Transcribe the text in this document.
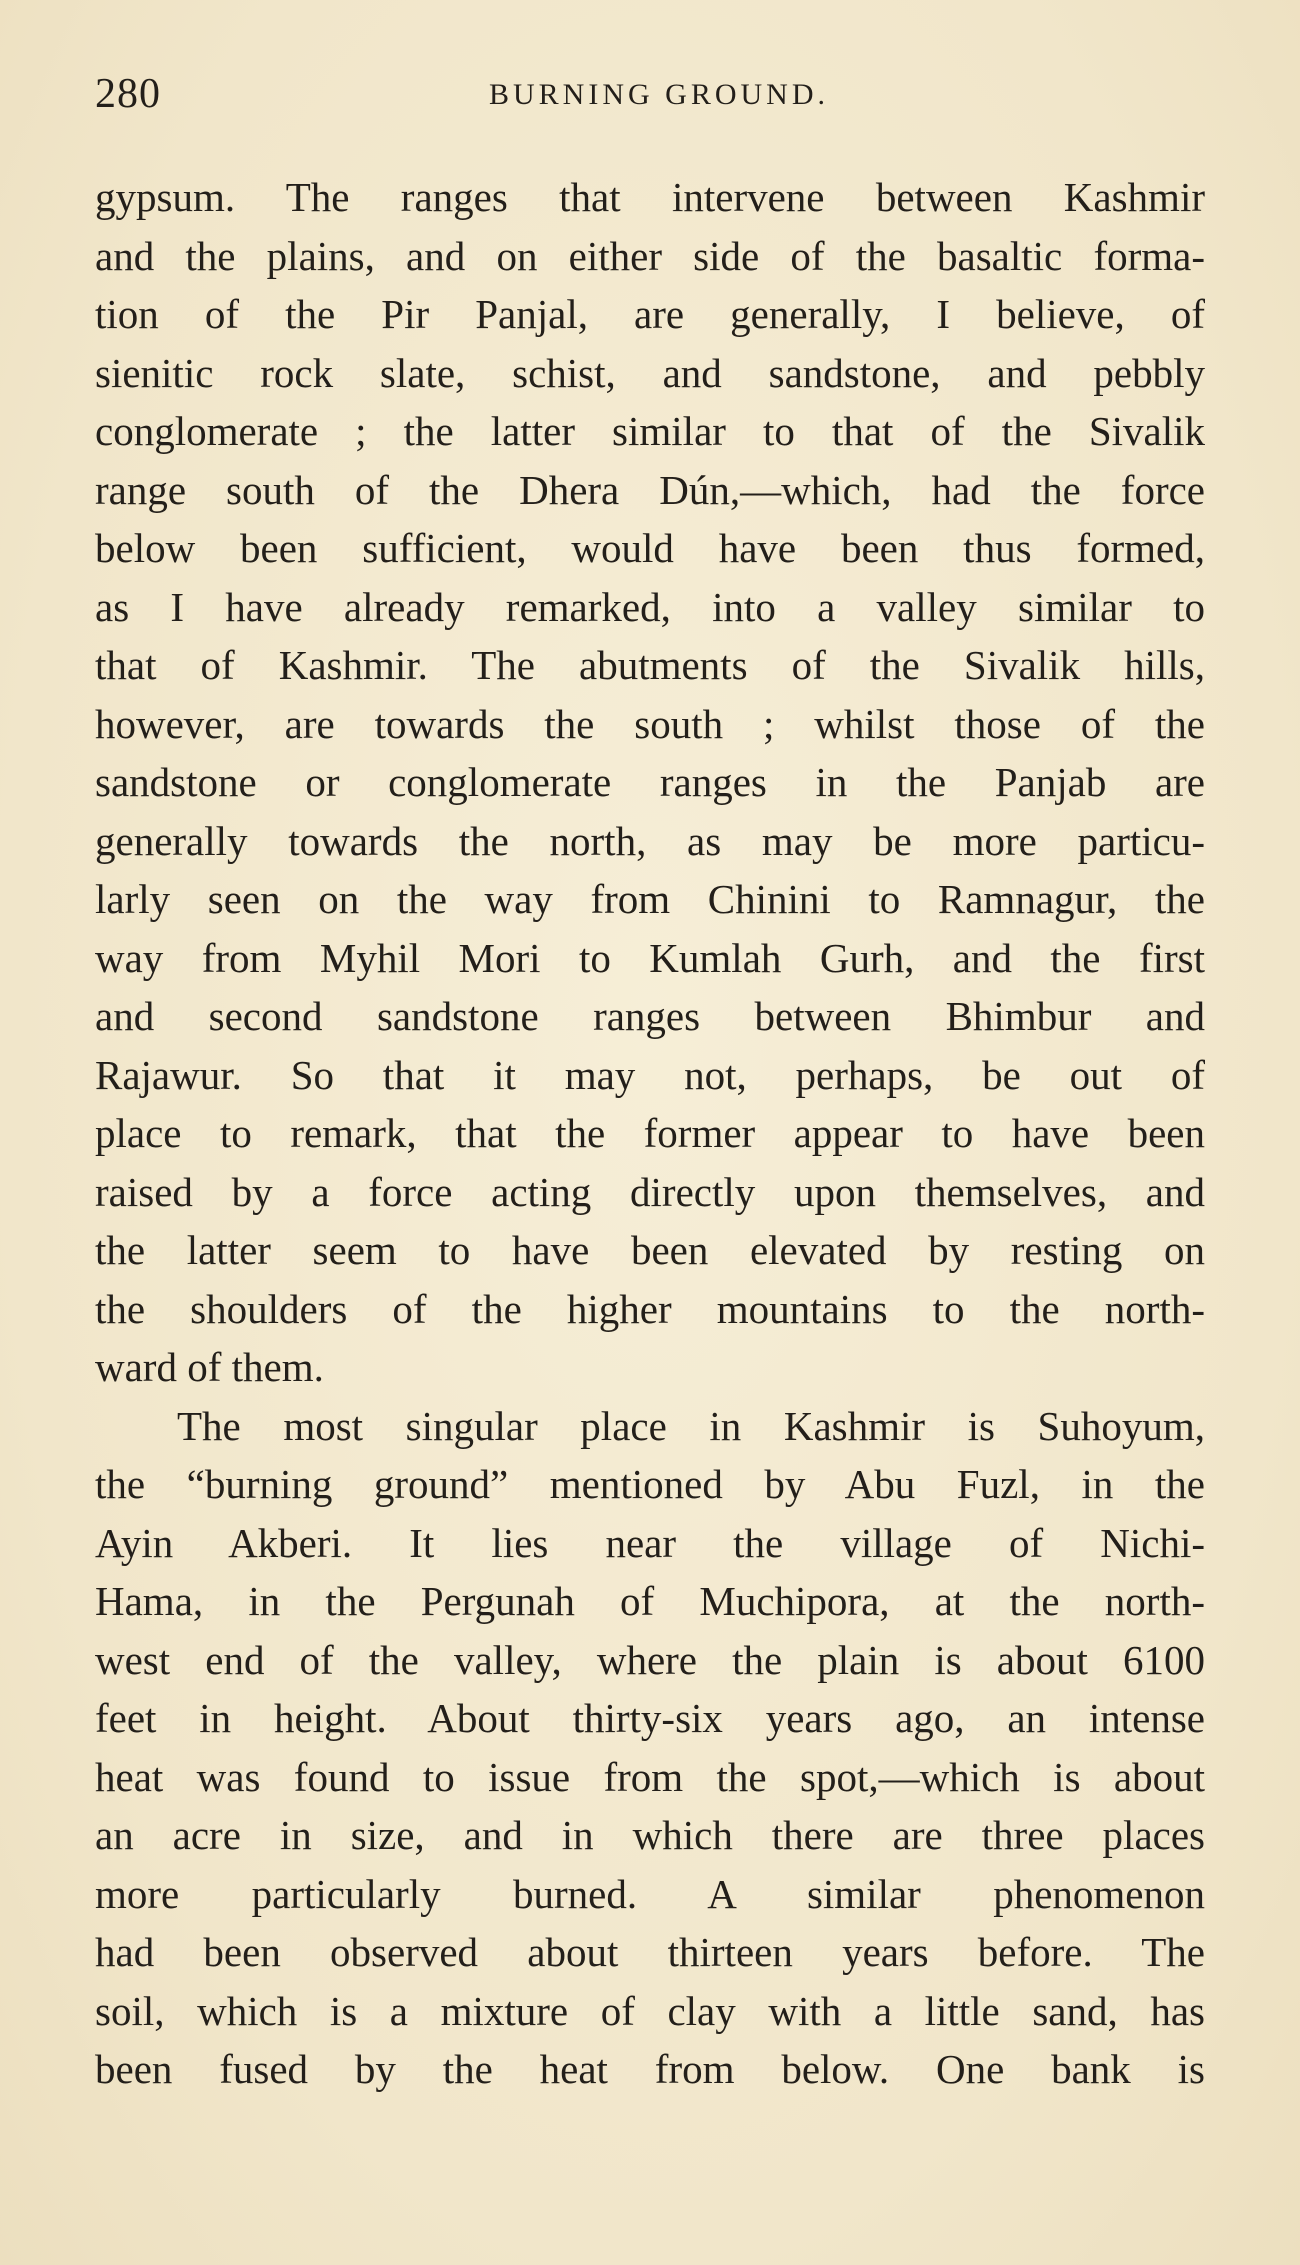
280	BURNING GROUND.
gypsum. The ranges that intervene between Kashmir
and the plains, and on either side of the basaltic forma-
tion of the Pir Panjal, are generally, I believe, of
sienitic rock slate, schist, and sandstone, and pebbly
conglomerate ; the latter similar to that of the Sivalik
range south of the Dhera Dún,—which, had the force
below been sufficient, would have been thus formed,
as I have already remarked, into a valley similar to
that of Kashmir. The abutments of the Sivalik hills,
however, are towards the south ; whilst those of the
sandstone or conglomerate ranges in the Panjab are
generally towards the north, as may be more particu-
larly seen on the way from Chinini to Ramnagur, the
way from Myhil Mori to Kumlah Gurh, and the first
and second sandstone ranges between Bhimbur and
Rajawur. So that it may not, perhaps, be out of
place to remark, that the former appear to have been
raised by a force acting directly upon themselves, and
the latter seem to have been elevated by resting on
the shoulders of the higher mountains to the north-
ward of them.
The most singular place in Kashmir is Suhoyum,
the “burning ground” mentioned by Abu Fuzl, in the
Ayin Akberi. It lies near the village of Nichi-
Hama, in the Pergunah of Muchipora, at the north-
west end of the valley, where the plain is about 6100
feet in height. About thirty-six years ago, an intense
heat was found to issue from the spot,—which is about
an acre in size, and in which there are three places
more particularly burned. A similar phenomenon
had been observed about thirteen years before. The
soil, which is a mixture of clay with a little sand, has
been fused by the heat from below. One bank is
